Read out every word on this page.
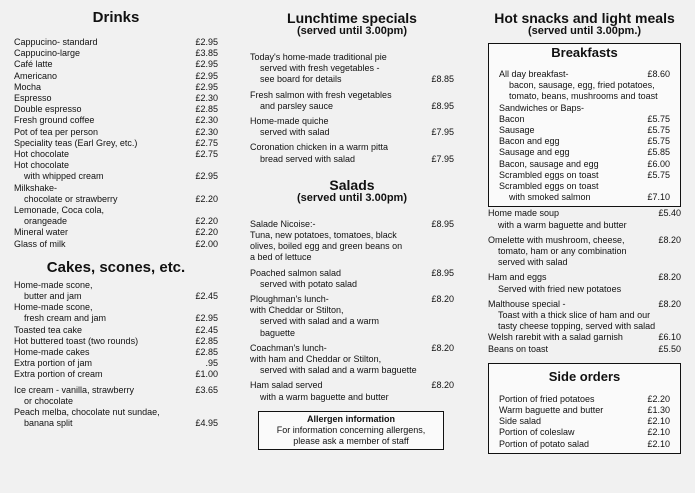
Drinks
Cappucino- standard	£2.95
Cappucino-large	£3.85
Café latte	£2.95
Americano	£2.95
Mocha	£2.95
Espresso	£2.30
Double espresso	£2.85
Fresh ground coffee	£2.30
Pot of tea per person	£2.30
Speciality teas (Earl Grey, etc.)	£2.75
Hot chocolate	£2.75
Hot chocolate
with whipped cream	£2.95
Milkshake-
chocolate or strawberry	£2.20
Lemonade, Coca cola,
orangeade	£2.20
Mineral water	£2.20
Glass of milk	£2.00
Cakes, scones, etc.
Home-made scone,
butter and jam	£2.45
Home-made scone,
fresh cream and jam	£2.95
Toasted tea cake	£2.45
Hot buttered toast (two rounds)	£2.85
Home-made cakes	£2.85
Extra portion of jam	.95
Extra portion of cream	£1.00
Ice cream - vanilla, strawberry	£3.65
or chocolate
Peach melba, chocolate nut sundae,
banana split	£4.95
Lunchtime specials
(served until 3.00pm)
Today's home-made traditional pie
served with fresh vegetables -
see board for details	£8.85
Fresh salmon with fresh vegetables
and parsley sauce	£8.95
Home-made quiche
served with salad	£7.95
Coronation chicken in a warm pitta
bread served with salad	£7.95
Salads
(served until 3.00pm)
Salade Nicoise:-	£8.95
Tuna, new potatoes, tomatoes, black
olives, boiled egg and green beans on
a bed of lettuce
Poached salmon salad	£8.95
served with potato salad
Ploughman's lunch-	£8.20
with Cheddar or Stilton,
served with salad and a warm
baguette
Coachman's lunch-	£8.20
with ham and Cheddar or Stilton,
served with salad and a warm baguette
Ham salad served	£8.20
with a warm baguette and butter
Allergen information
For information concerning allergens,
please ask a member of staff
Hot snacks and light meals
(served until 3.00pm.)
Breakfasts
All day breakfast-	£8.60
bacon, sausage, egg, fried potatoes,
tomato, beans, mushrooms and toast
Sandwiches or Baps-
Bacon	£5.75
Sausage	£5.75
Bacon and egg	£5.75
Sausage and egg	£5.85
Bacon, sausage and egg	£6.00
Scrambled eggs on toast	£5.75
Scrambled eggs on toast
with smoked salmon	£7.10
Home made soup	£5.40
with a warm baguette and butter
Omelette with mushroom, cheese,	£8.20
tomato, ham or any combination
served with salad
Ham and eggs	£8.20
Served with fried new potatoes
Malthouse special -	£8.20
Toast with a thick slice of ham and our
tasty cheese topping, served with salad
Welsh rarebit with a salad garnish	£6.10
Beans on toast	£5.50
Side orders
Portion of fried potatoes	£2.20
Warm baguette and butter	£1.30
Side salad	£2.10
Portion of coleslaw	£2.10
Portion of potato salad	£2.10
